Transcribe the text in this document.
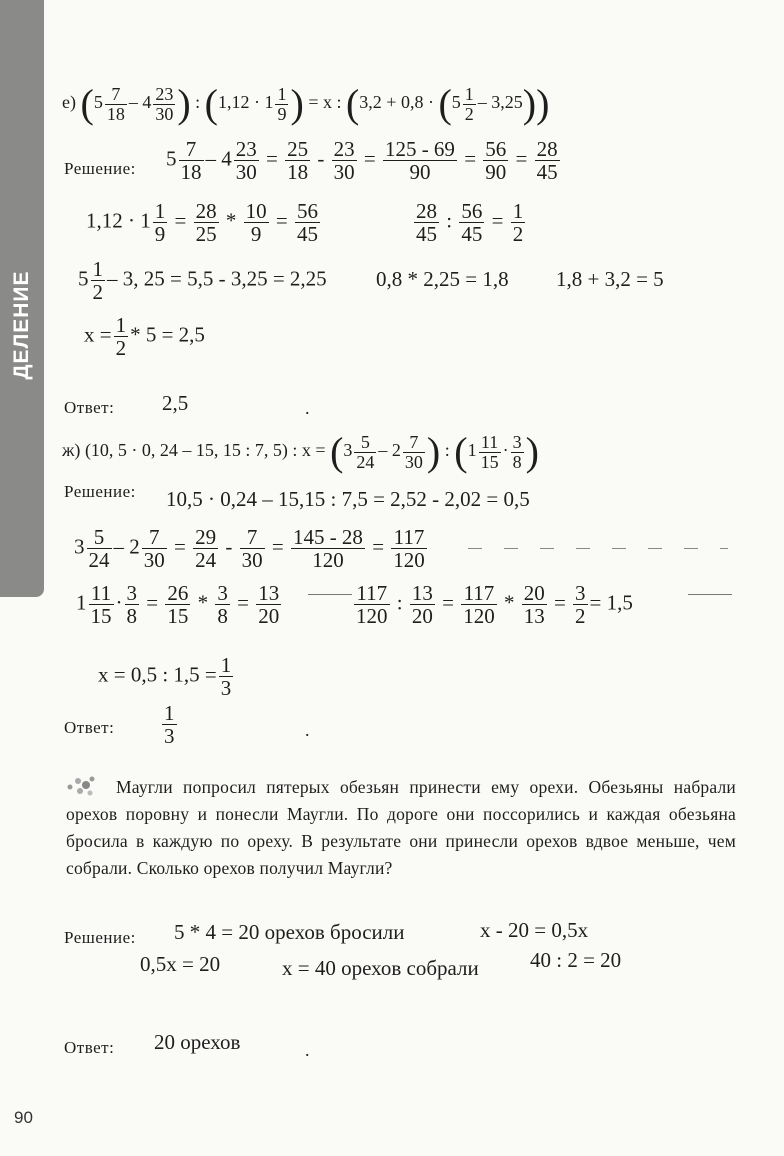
ДЕЛЕНИЕ
е) ($5 \frac{7}{18} - 4 \frac{23}{30}$ ) : ($1,12 \cdot 1 \frac{1}{9}$ ) = x : $(3,2 + 0,8 \cdot (5 \frac{1}{2} - 3,25))$
Решение: $5 \frac{7}{18} - 4 \frac{23}{30} = \frac{25}{18} - \frac{23}{30} = \frac{125 - 69}{90} = \frac{56}{90} = \frac{28}{45}$
$1,12 \cdot 1 \frac{1}{9} = \frac{28}{25} * \frac{10}{9} = \frac{56}{45}$	$\frac{28}{45}$ : $\frac{56}{45} = \frac{1}{2}$
$5 \frac{1}{2} - 3$, 25 = 5,5 - 3,25 = 2,25 0,8 * 2,25 = 1,8 1,8 + 3,2 = 5
$x = \frac{1}{2} * 5 = 2,5$
Ответ: 2,5	.
ж) (10, 5 · 0, 24 – 15, 15 : 7, 5) : $x = (3 \frac{5}{24} - 2 \frac{7}{30}$ ) : ($1 \frac{11}{15} \cdot \frac{3}{8}$ )
Решение: 10,5 · 0,24 – 15,15 : 7,5 = 2,52 - 2,02 = 0,5
$3 \frac{5}{24} - 2 \frac{7}{30} = \frac{29}{24} - \frac{7}{30} = \frac{145 - 28}{120} = \frac{117}{120}$
$1 \frac{11}{15} \cdot \frac{3}{8} = \frac{26}{15} * \frac{3}{8} = \frac{13}{20}$	$\frac{117}{120}$ : $\frac{13}{20} = \frac{117}{120} * \frac{20}{13} = \frac{3}{2} = 1,5$
x = 0,5 : $1,5 = \frac{1}{3}$
Ответ: $\frac{1}{3}$	.
Маугли попросил пятерых обезьян принести ему орехи. Обезьяны набрали орехов поровну и понесли Маугли. По дороге они поссорились и каждая обезьяна бросила в каждую по ореху. В результате они принесли орехов вдвое меньше, чем собрали. Сколько орехов получил Маугли?
Решение: 5 * 4 = 20 орехов бросили	x - 20 = 0,5x
0,5x = 20	x = 40 орехов собрали 40 : 2 = 20
Ответ: 20 орехов	.
90
